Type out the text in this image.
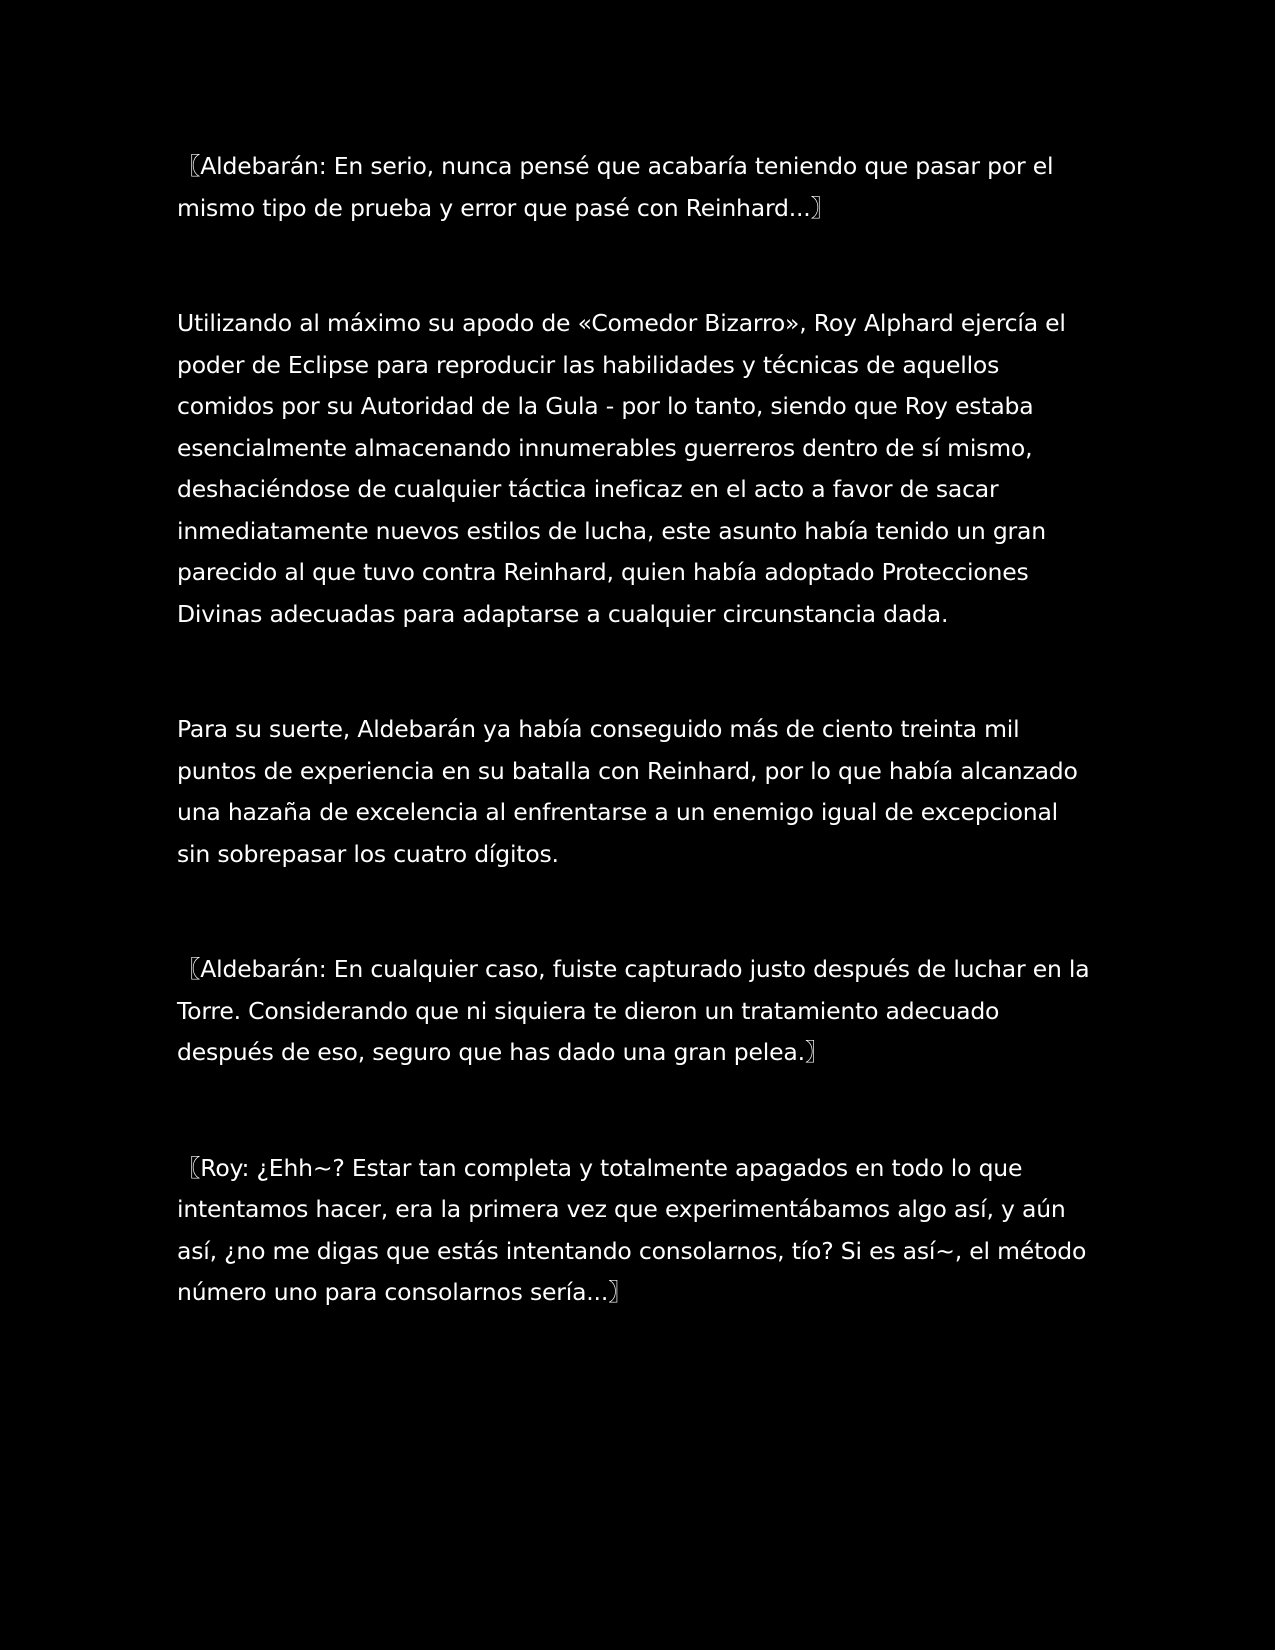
〖Aldebarán: En serio, nunca pensé que acabaría teniendo que pasar por el mismo tipo de prueba y error que pasé con Reinhard...〗

Utilizando al máximo su apodo de «Comedor Bizarro», Roy Alphard ejercía el poder de Eclipse para reproducir las habilidades y técnicas de aquellos comidos por su Autoridad de la Gula - por lo tanto, siendo que Roy estaba esencialmente almacenando innumerables guerreros dentro de sí mismo, deshaciéndose de cualquier táctica ineficaz en el acto a favor de sacar inmediatamente nuevos estilos de lucha, este asunto había tenido un gran parecido al que tuvo contra Reinhard, quien había adoptado Protecciones Divinas adecuadas para adaptarse a cualquier circunstancia dada.

Para su suerte, Aldebarán ya había conseguido más de ciento treinta mil puntos de experiencia en su batalla con Reinhard, por lo que había alcanzado una hazaña de excelencia al enfrentarse a un enemigo igual de excepcional sin sobrepasar los cuatro dígitos.

〖Aldebarán: En cualquier caso, fuiste capturado justo después de luchar en la Torre. Considerando que ni siquiera te dieron un tratamiento adecuado después de eso, seguro que has dado una gran pelea.〗

〖Roy: ¿Ehh~? Estar tan completa y totalmente apagados en todo lo que intentamos hacer, era la primera vez que experimentábamos algo así, y aún así, ¿no me digas que estás intentando consolarnos, tío? Si es así~, el método número uno para consolarnos sería...〗
